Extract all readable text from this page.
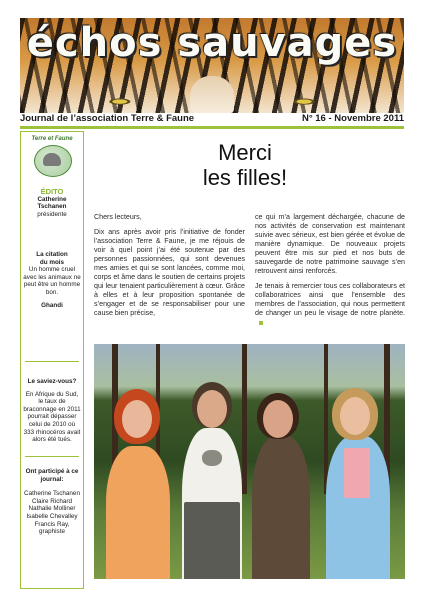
échos sauvages
Journal de l’association Terre & Faune	N° 16 - Novembre 2011
Terre et Faune
ÉDITO
Catherine Tschanen
présidente
La citation
du mois
Un homme cruel avec les animaux ne peut être un homme bon.
Ghandi
Le saviez-vous?
En Afrique du Sud, le taux de braconnage en 2011 pourrait dépasser celui de 2010 où 333 rhinocéros avait alors été tués.
Ont participé à ce journal:
Catherine Tschanen
Claire Richard
Nathalie Molliner
Isabelle Chevalley
Francis Ray,
graphiste
Merci
les filles!

Chers lecteurs,

Dix ans après avoir pris l’initiative de fonder l’association Terre & Faune, je me réjouis de voir à quel point j’ai été soutenue par des personnes passionnées, qui sont devenues mes amies et qui se sont lancées, comme moi, corps et âme dans le soutien de certains projets qui leur tenaient particulièrement à cœur. Grâce à elles et à leur proposition spontanée de s’engager et de se responsabiliser pour une cause bien précise,

ce qui m’a largement déchargée, chacune de nos activités de conservation est maintenant suivie avec sérieux, est bien gérée et évolue de manière dynamique. De nouveaux projets peuvent être mis sur pied et nos buts de sauvegarde de notre patrimoine sauvage s’en retrouvent ainsi renforcés.

Je tenais à remercier tous ces collaborateurs et collaboratrices ainsi que l’ensemble des membres de l’association, qui nous permettent de changer un peu le visage de notre planète.
